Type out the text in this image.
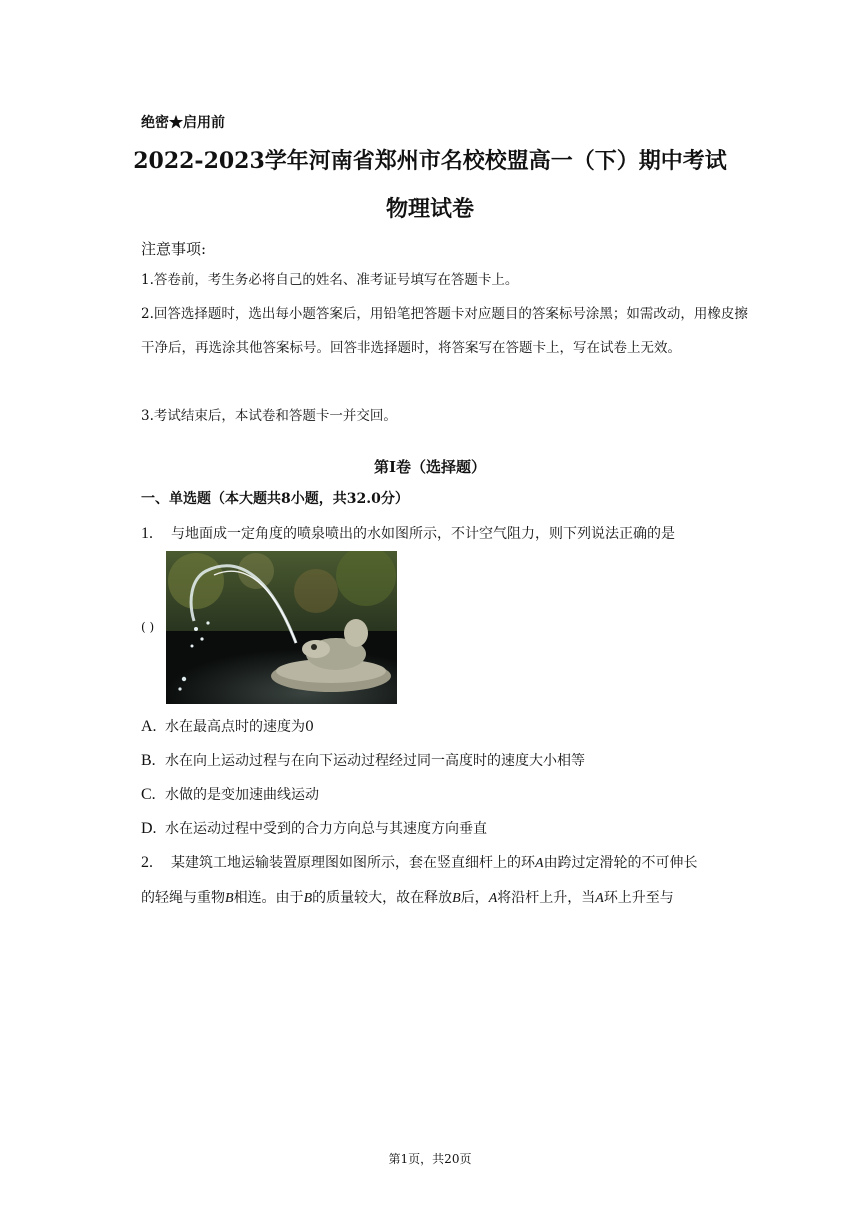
绝密★启用前
2022-2023学年河南省郑州市名校校盟高一（下）期中考试
物理试卷
注意事项:
1.答卷前，考生务必将自己的姓名、准考证号填写在答题卡上。
2.回答选择题时，选出每小题答案后，用铅笔把答题卡对应题目的答案标号涂黑；如需改动，用橡皮擦干净后，再选涂其他答案标号。回答非选择题时，将答案写在答题卡上，写在试卷上无效。
3.考试结束后，本试卷和答题卡一并交回。
第Ⅰ卷（选择题）
一、单选题（本大题共8小题，共32.0分）
1. 与地面成一定角度的喷泉喷出的水如图所示，不计空气阻力，则下列说法正确的是
( )
A. 水在最高点时的速度为0
B. 水在向上运动过程与在向下运动过程经过同一高度时的速度大小相等
C. 水做的是变加速曲线运动
D. 水在运动过程中受到的合力方向总与其速度方向垂直
2. 某建筑工地运输装置原理图如图所示，套在竖直细杆上的环A由跨过定滑轮的不可伸长
的轻绳与重物B相连。由于B的质量较大，故在释放B后，A将沿杆上升，当A环上升至与
第1页，共20页
